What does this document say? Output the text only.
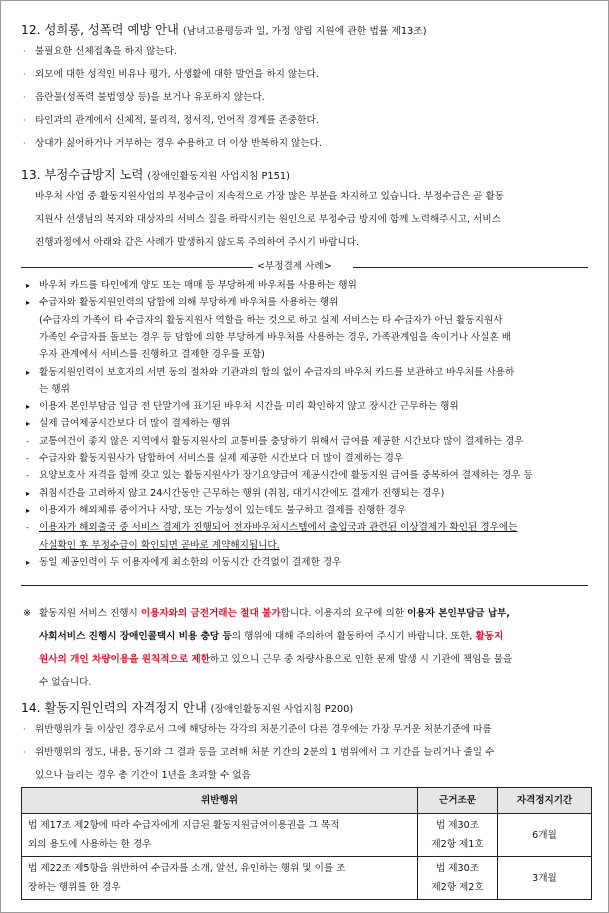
12. 성희롱, 성폭력 예방 안내 (남녀고용평등과 일, 가정 양립 지원에 관한 법률 제13조)
· 불필요한 신체접촉을 하지 않는다.
· 외모에 대한 성적인 비유나 평가, 사생활에 대한 발언을 하지 않는다.
· 음란물(성폭력 불법영상 등)을 보거나 유포하지 않는다.
· 타인과의 관계에서 신체적, 물리적, 정서적, 언어적 경계를 존중한다.
· 상대가 싫어하거나 거부하는 경우 수용하고 더 이상 반복하지 않는다.
13. 부정수급방지 노력 (장애인활동지원 사업지침 P151)
바우처 사업 중 활동지원사업의 부정수급이 지속적으로 가장 많은 부분을 차지하고 있습니다. 부정수급은 곧 활동
지원사 선생님의 복지와 대상자의 서비스 질을 하락시키는 원인으로 부정수급 방지에 함께 노력해주시고, 서비스
진행과정에서 아래와 같은 사례가 발생하지 않도록 주의하여 주시기 바랍니다.
<부정결제 사례>
▸ 바우처 카드를 타인에게 양도 또는 매매 등 부당하게 바우처를 사용하는 행위
▸ 수급자와 활동지원인력의 담합에 의해 부당하게 바우처를 사용하는 행위
(수급자의 가족이 타 수급자의 활동지원사 역할을 하는 것으로 하고 실제 서비스는 타 수급자가 아닌 활동지원사
가족인 수급자를 돌보는 경우 등 담합에 의한 부당하게 바우처를 사용하는 경우, 가족관계임을 속이거나 사실혼 배
우자 관계에서 서비스를 진행하고 결제한 경우를 포함)
▸ 활동지원인력이 보호자의 서면 동의 절차와 기관과의 합의 없이 수급자의 바우처 카드를 보관하고 바우처를 사용하
는 행위
▸ 이용자 본인부담금 입금 전 단말기에 표기된 바우처 시간을 미리 확인하지 않고 장시간 근무하는 행위
▸ 실제 급여제공시간보다 더 많이 결제하는 행위
- 교통여건이 좋지 않은 지역에서 활동지원사의 교통비를 충당하기 위해서 급여를 제공한 시간보다 많이 결제하는 경우
- 수급자와 활동지원사가 담합하여 서비스를 실제 제공한 시간보다 더 많이 결제하는 경우
- 요양보호사 자격을 함께 갖고 있는 활동지원사가 장기요양급여 제공시간에 활동지원 급여를 중복하여 결제하는 경우 등
▸ 취침시간을 고려하지 않고 24시간동안 근무하는 행위 (취침, 대기시간에도 결제가 진행되는 경우)
▸ 이용자가 해외체류 중이거나 사망, 또는 가능성이 있는데도 불구하고 결제를 진행한 경우
- 이용자가 해외출국 중 서비스 결제가 진행되어 전자바우처시스템에서 출입국과 관련된 이상결제가 확인된 경우에는
사실확인 후 부정수급이 확인되면 곧바로 계약해지됩니다.
▸ 동일 제공인력이 두 이용자에게 최소한의 이동시간 간격없이 결제한 경우
※ 활동지원 서비스 진행시 이용자와의 금전거래는 절대 불가합니다. 이용자의 요구에 의한 이용자 본인부담금 납부,
사회서비스 진행시 장애인콜택시 비용 충당 등의 행위에 대해 주의하여 활동하여 주시기 바랍니다. 또한, 활동지
원사의 개인 차량이용을 원칙적으로 제한하고 있으니 근무 중 차량사용으로 인한 문제 발생 시 기관에 책임을 물을
수 없습니다.
14. 활동지원인력의 자격정지 안내 (장애인활동지원 사업지침 P200)
· 위반행위가 둘 이상인 경우로서 그에 해당하는 각각의 처분기준이 다른 경우에는 가장 무거운 처분기준에 따름
· 위반행위의 정도, 내용, 동기와 그 결과 등을 고려해 처분 기간의 2분의 1 범위에서 그 기간을 늘리거나 줄일 수
있으나 늘리는 경우 총 기간이 1년을 초과할 수 없음
위반행위	근거조문	자격정지기간
법 제17조 제2항에 따라 수급자에게 지급된 활동지원급여이용권을 그 목적
외의 용도에 사용하는 한 경우	법 제30조
제2항 제1호	6개월
법 제22조 제5항을 위반하여 수급자를 소개, 알선, 유인하는 행위 및 이를 조
장하는 행위를 한 경우	법 제30조
제2항 제2호	3개월
